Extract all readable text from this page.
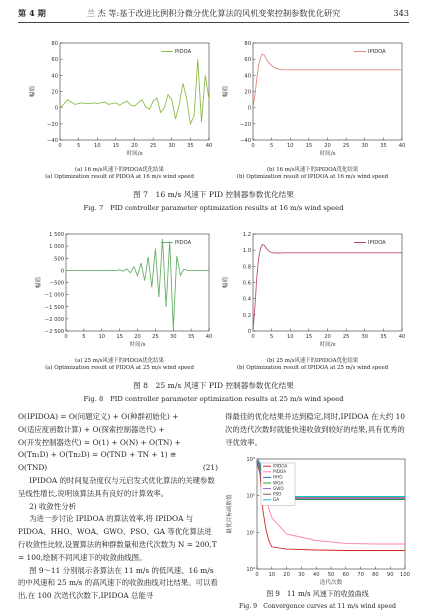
第 4 期	兰 杰 等:基于改进比例积分微分优化算法的风机变桨控制参数优化研究	343
80
60
40
20
0
−20
−40
0	5	10 15 20 25 30 35 40
时间/s
幅值
PIDOA
(a) 16 m/s风速下的PIDOA优化结果
(a) Optimization result of PIDOA at 16 m/s wind speed
80
60
40
20
0
−20
−40
0	5	10 15 20 25 30 35 40
时间/s
幅值
IPIDOA
(b) 16 m/s风速下的IPIDOA优化结果
(b) Optimization result of IPIDOA at 16 m/s wind speed
图 7　16 m/s 风速下 PID 控制器参数优化结果
Fig. 7　PID controller parameter optimization results at 16 m/s wind speed
1 500
1 000
500
0
−500
−1 000
−1 500
−2 000
−2 500
0	5 10 15 20 25 30 35 40
时间/s
幅值
PIDOA
(a) 25 m/s风速下的PIDOA优化结果
(a) Optimization result of PIDOA at 25 m/s wind speed
1.2
1.0
0.8
0.6
0.4
0.2
0
0	5	10 15 20 25 30 35 40
时间/s
幅值
IPIDOA
(b) 25 m/s风速下的IPIDOA优化结果
(b) Optimization result of IPIDOA at 25 m/s wind speed
图 8　25 m/s 风速下 PID 控制器参数优化结果
Fig. 8　PID controller parameter optimization results at 25 m/s wind speed

O(IPIDOA) = O(问题定义) + O(种群初始化) +

O(适应度函数计算) + O(探索控制器迭代) +

O(开发控制器迭代) = O(1) + O(N) + O(TN) +

O(Tn₁D) + O(Tn₂D) = O(TND + TN + 1) ≅

O(TND)	(21)

IPIDOA 的时间复杂度仅与元启发式优化算法的关键参数呈线性增长,说明该算法具有良好的计算效率。

2) 收敛性分析

为进一步讨论 IPIDOA 的算法效率,将 IPIDOA 与 PIDOA、HHO、WOA、GWO、PSO、GA 等优化算法进行收敛性比较,设置算法的种群数量和迭代次数为 N = 200,T = 100,绘制不同风速下的收敛曲线图。

图 9～11 分别展示各算法在 11 m/s 的低风速、16 m/s 的中风速和 25 m/s 的高风速下的收敛曲线对比结果。可以看出,在 100 次迭代次数下,IPIDOA 总能寻

得最佳的优化结果并达到稳定,同时,IPIDOA 在大约 10 次的迭代次数时就能快速收敛到较好的结果,具有优秀的寻优效率。

10³
10²
10¹
10⁰
0 10 20 30 40 50 60 70 80 90 100
迭代次数
最优目标函数值
IPIDOA
PIDOA
HHO
WOA
GWO
PSO
GA
图 9　11 m/s 风速下的收敛曲线
Fig. 9　Convergence curves at 11 m/s wind speed
